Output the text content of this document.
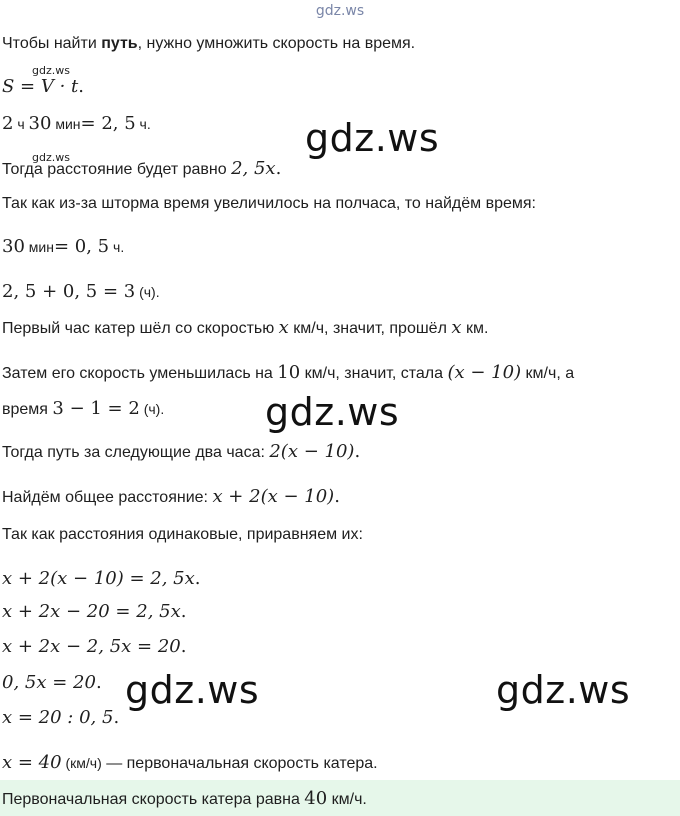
gdz.ws
Чтобы найти путь, нужно умножить скорость на время.
gdz.ws
S = V · t.
2 ч 30 мин= 2, 5 ч.	gdz.ws
gdz.ws
Тогда расстояние будет равно 2, 5x.
Так как из-за шторма время увеличилось на полчаса, то найдём время:
30 мин= 0, 5 ч.
2, 5 + 0, 5 = 3 (ч).
Первый час катер шёл со скоростью x км/ч, значит, прошёл x км.
Затем его скорость уменьшилась на 10 км/ч, значит, стала (x − 10) км/ч, а
время 3 − 1 = 2 (ч).	gdz.ws
Тогда путь за следующие два часа: 2(x − 10).
Найдём общее расстояние: x + 2(x − 10).
Так как расстояния одинаковые, приравняем их:
x + 2(x − 10) = 2, 5x.
x + 2x − 20 = 2, 5x.
x + 2x − 2, 5x = 20.
0, 5x = 20. gdz.ws	gdz.ws
x = 20 : 0, 5.
x = 40 (км/ч) — первоначальная скорость катера.
Первоначальная скорость катера равна 40 км/ч.
